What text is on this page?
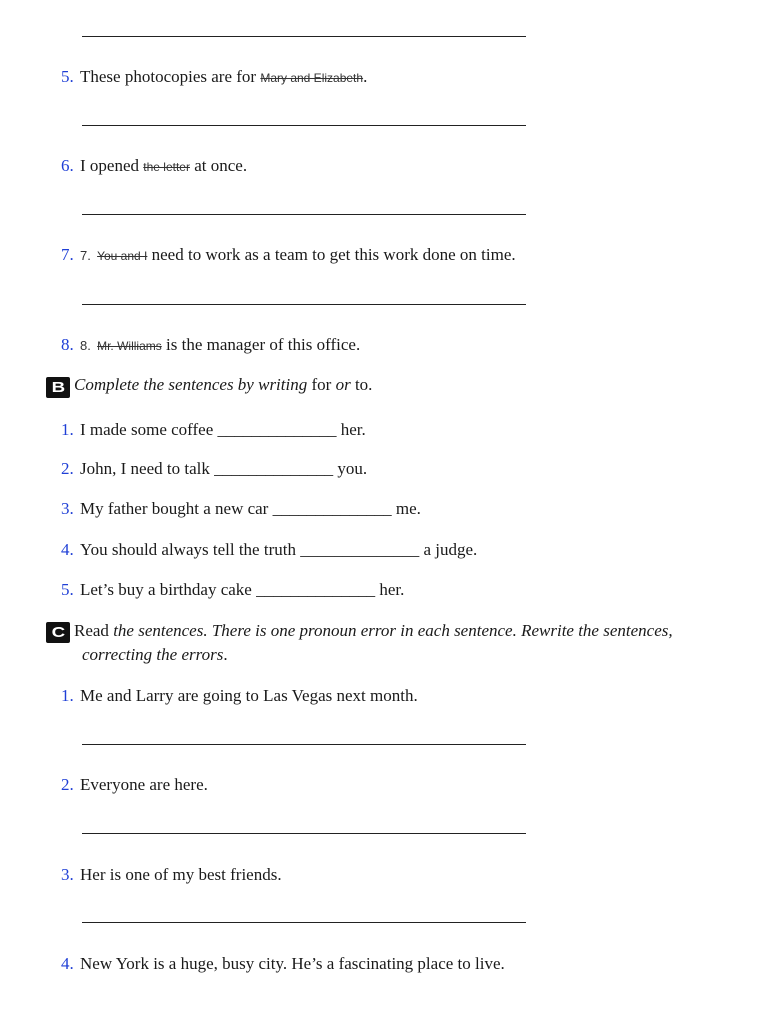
5. These photocopies are for Mary and Elizabeth.
6. I opened the letter at once.
7. 7. You and I need to work as a team to get this work done on time.
8. 8. Mr. Williams is the manager of this office.
B Complete the sentences by writing for or to.
1. I made some coffee ______________ her.
2. John, I need to talk ______________ you.
3. My father bought a new car ______________ me.
4. You should always tell the truth ______________ a judge.
5. Let’s buy a birthday cake ______________ her.
C Read the sentences. There is one pronoun error in each sentence. Rewrite the sentences,
correcting the errors.
1. Me and Larry are going to Las Vegas next month.
2. Everyone are here.
3. Her is one of my best friends.
4. New York is a huge, busy city. He’s a fascinating place to live.
